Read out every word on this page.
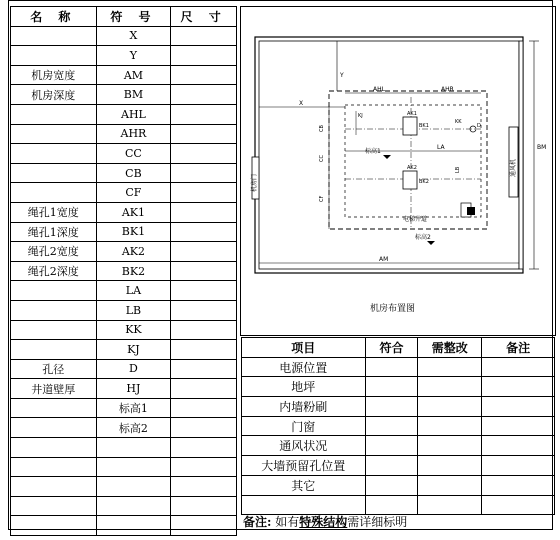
名 称	符 号	尺 寸
	X	
	Y	
机房宽度	AM	
机房深度	BM	
	AHL	
	AHR	
	CC	
	CB	
	CF	
绳孔1宽度	AK1	
绳孔1深度	BK1	
绳孔2宽度	AK2	
绳孔2深度	BK2	
	LA	
	LB	
	KK	
	KJ	
孔径	D	
井道壁厚	HJ	
	标高1	
	标高2	

机房门
通风机
BM
AM
电梯井道
X
Y
AHL	AHR
CB
CC
CF
KJ	AK1
BK1
AK2
BK2
LA
LB
D
KK
标高1
标高2
机房布置图
项目	符合	需整改	备注
电源位置			
地坪			
内墙粉刷			
门窗			
通风状况			
大墙预留孔位置			
其它			

备注: 如有特殊结构需详细标明
